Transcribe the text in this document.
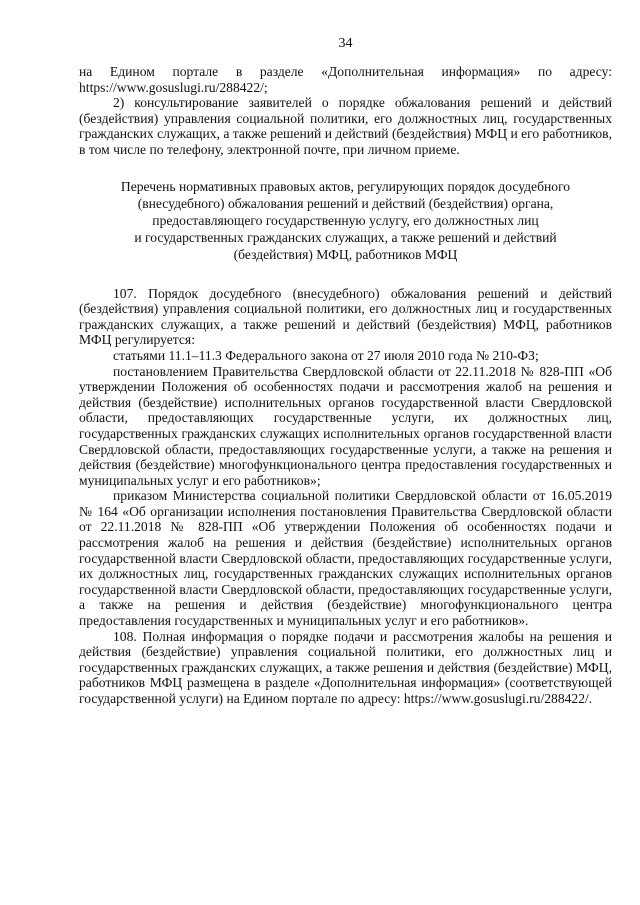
34

на Едином портале в разделе «Дополнительная информация» по адресу: https://www.gosuslugi.ru/288422/;

2) консультирование заявителей о порядке обжалования решений и действий (бездействия) управления социальной политики, его должностных лиц, государственных гражданских служащих, а также решений и действий (бездействия) МФЦ и его работников, в том числе по телефону, электронной почте, при личном приеме.

Перечень нормативных правовых актов, регулирующих порядок досудебного
(внесудебного) обжалования решений и действий (бездействия) органа,
предоставляющего государственную услугу, его должностных лиц
и государственных гражданских служащих, а также решений и действий
(бездействия) МФЦ, работников МФЦ

107. Порядок досудебного (внесудебного) обжалования решений и действий (бездействия) управления социальной политики, его должностных лиц и государственных гражданских служащих, а также решений и действий (бездействия) МФЦ, работников МФЦ регулируется:

статьями 11.1–11.3 Федерального закона от 27 июля 2010 года № 210-ФЗ;

постановлением Правительства Свердловской области от 22.11.2018 № 828-ПП «Об утверждении Положения об особенностях подачи и рассмотрения жалоб на решения и действия (бездействие) исполнительных органов государственной власти Свердловской области, предоставляющих государственные услуги, их должностных лиц, государственных гражданских служащих исполнительных органов государственной власти Свердловской области, предоставляющих государственные услуги, а также на решения и действия (бездействие) многофункционального центра предоставления государственных и муниципальных услуг и его работников»;

приказом Министерства социальной политики Свердловской области от 16.05.2019 № 164 «Об организации исполнения постановления Правительства Свердловской области от 22.11.2018 № 828-ПП «Об утверждении Положения об особенностях подачи и рассмотрения жалоб на решения и действия (бездействие) исполнительных органов государственной власти Свердловской области, предоставляющих государственные услуги, их должностных лиц, государственных гражданских служащих исполнительных органов государственной власти Свердловской области, предоставляющих государственные услуги, а также на решения и действия (бездействие) многофункционального центра предоставления государственных и муниципальных услуг и его работников».

108. Полная информация о порядке подачи и рассмотрения жалобы на решения и действия (бездействие) управления социальной политики, его должностных лиц и государственных гражданских служащих, а также решения и действия (бездействие) МФЦ, работников МФЦ размещена в разделе «Дополнительная информация» (соответствующей государственной услуги) на Едином портале по адресу: https://www.gosuslugi.ru/288422/.
